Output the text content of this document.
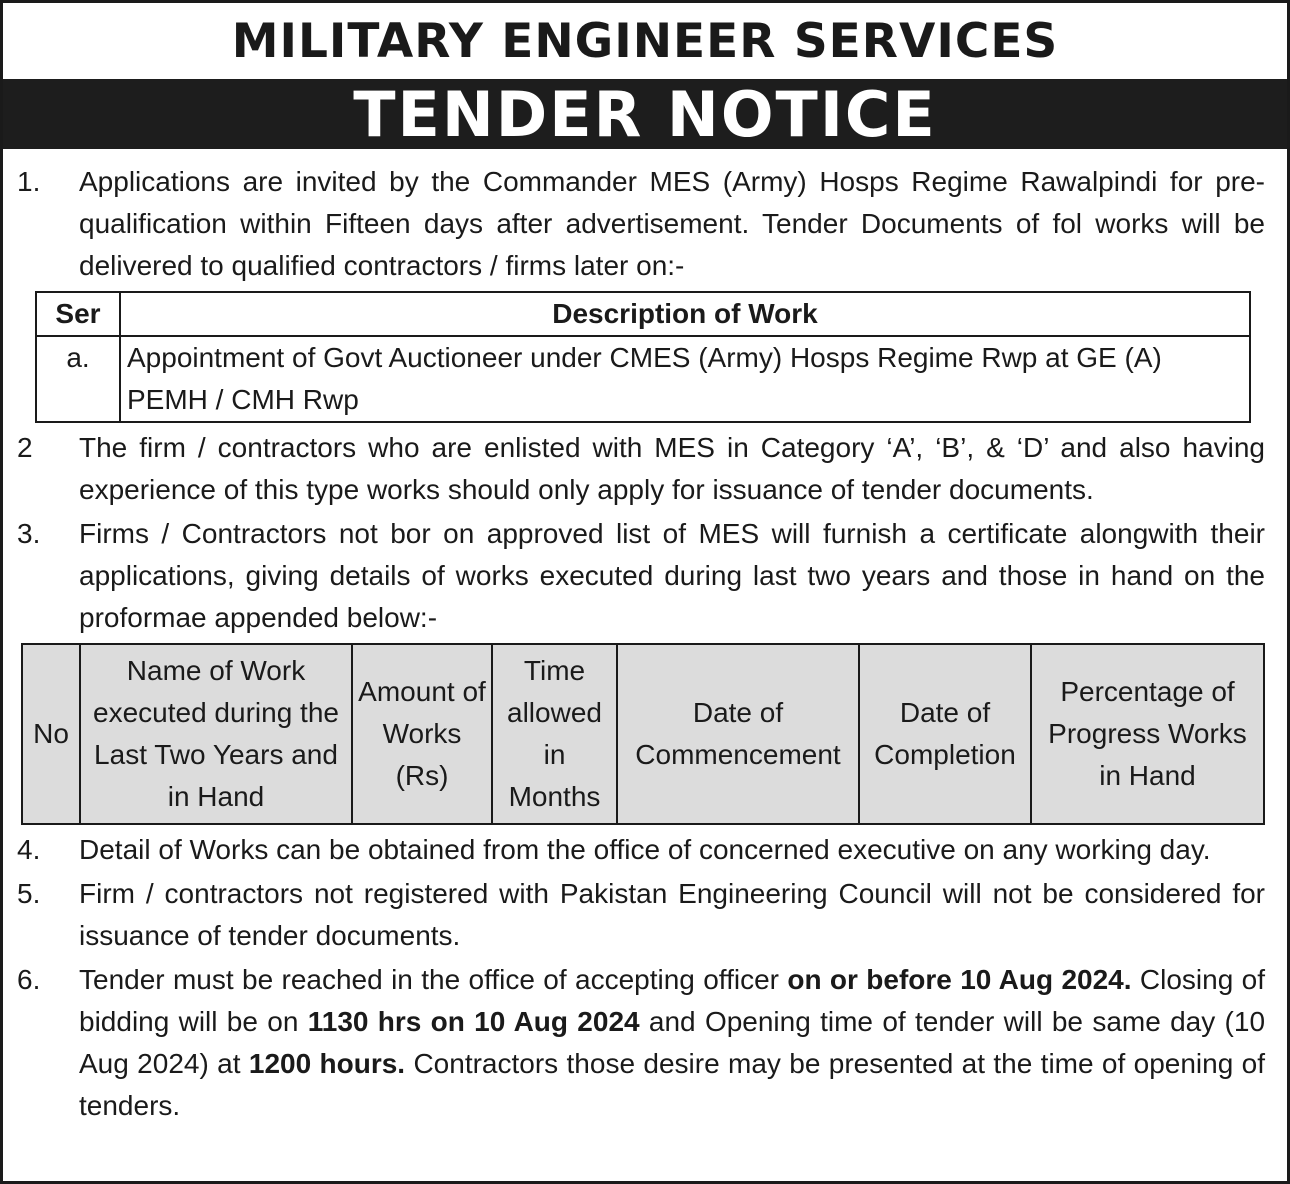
MILITARY ENGINEER SERVICES
TENDER NOTICE
1.	Applications are invited by the Commander MES (Army) Hosps Regime Rawalpindi for pre-qualification within Fifteen days after advertisement. Tender Documents of fol works will be delivered to qualified contractors / firms later on:-
Ser	Description of Work
a.	Appointment of Govt Auctioneer under CMES (Army) Hosps Regime Rwp at GE (A) PEMH / CMH Rwp
2	The firm / contractors who are enlisted with MES in Category ‘A’, ‘B’, & ‘D’ and also having experience of this type works should only apply for issuance of tender documents.
3.	Firms / Contractors not bor on approved list of MES will furnish a certificate alongwith their applications, giving details of works executed during last two years and those in hand on the proformae appended below:-
No	Name of Work executed during the Last Two Years and in Hand	Amount of Works (Rs)	Time allowed in Months	Date of Commencement	Date of Completion	Percentage of Progress Works in Hand
4.	Detail of Works can be obtained from the office of concerned executive on any working day.
5.	Firm / contractors not registered with Pakistan Engineering Council will not be considered for issuance of tender documents.
6.	Tender must be reached in the office of accepting officer on or before 10 Aug 2024. Closing of bidding will be on 1130 hrs on 10 Aug 2024 and Opening time of tender will be same day (10 Aug 2024) at 1200 hours. Contractors those desire may be presented at the time of opening of tenders.
